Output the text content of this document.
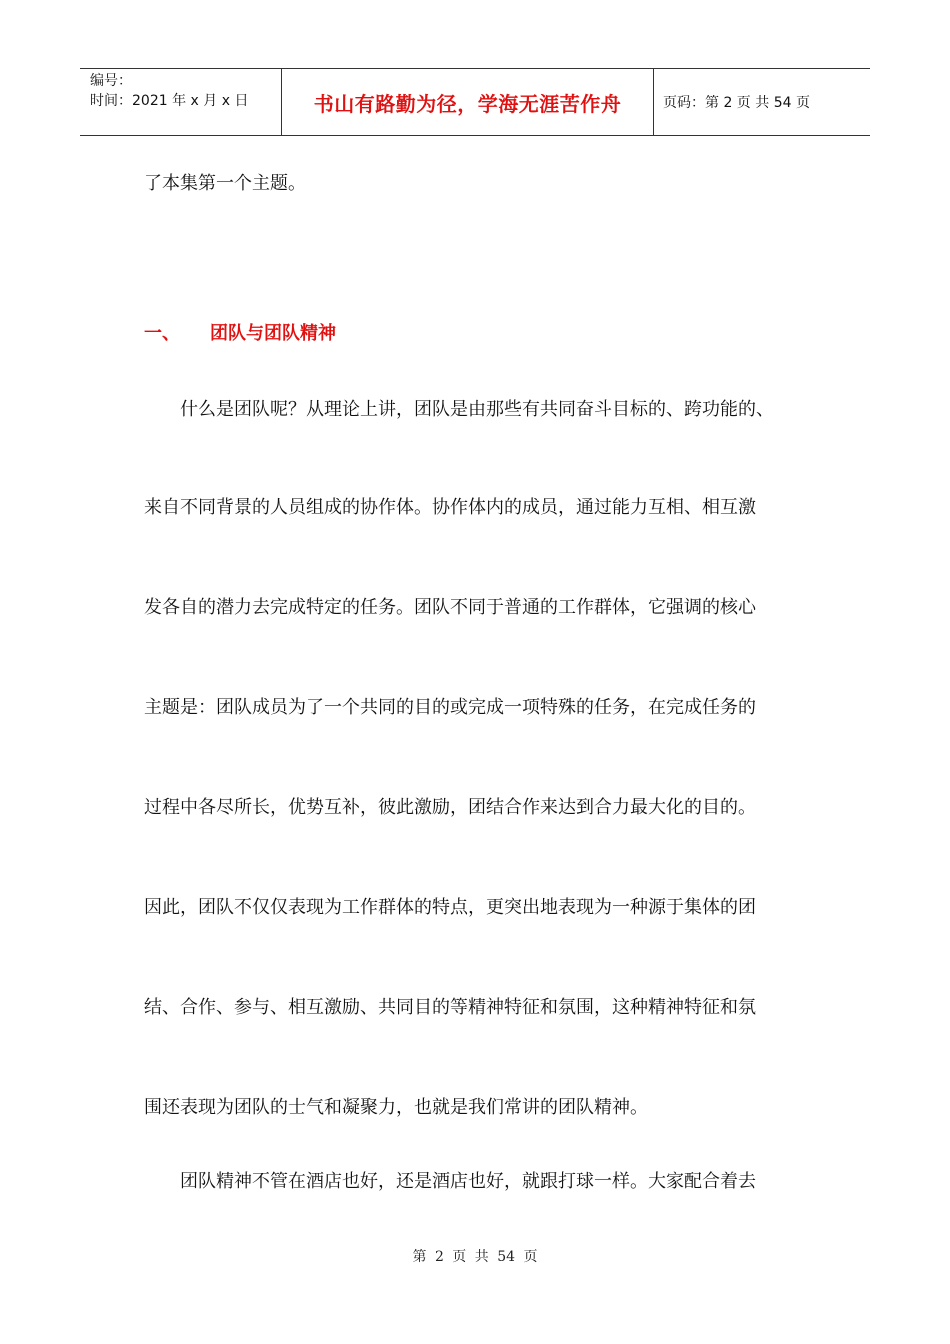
编号：
时间：2021 年 x 月 x 日	书山有路勤为径，学海无涯苦作舟	页码：第 2 页 共 54 页
了本集第一个主题。
一、 团队与团队精神
什么是团队呢？从理论上讲，团队是由那些有共同奋斗目标的、跨功能的、
来自不同背景的人员组成的协作体。协作体内的成员，通过能力互相、相互激
发各自的潜力去完成特定的任务。团队不同于普通的工作群体，它强调的核心
主题是：团队成员为了一个共同的目的或完成一项特殊的任务，在完成任务的
过程中各尽所长，优势互补，彼此激励，团结合作来达到合力最大化的目的。
因此，团队不仅仅表现为工作群体的特点，更突出地表现为一种源于集体的团
结、合作、参与、相互激励、共同目的等精神特征和氛围，这种精神特征和氛
围还表现为团队的士气和凝聚力，也就是我们常讲的团队精神。
团队精神不管在酒店也好，还是酒店也好，就跟打球一样。大家配合着去
第 2 页 共 54 页
